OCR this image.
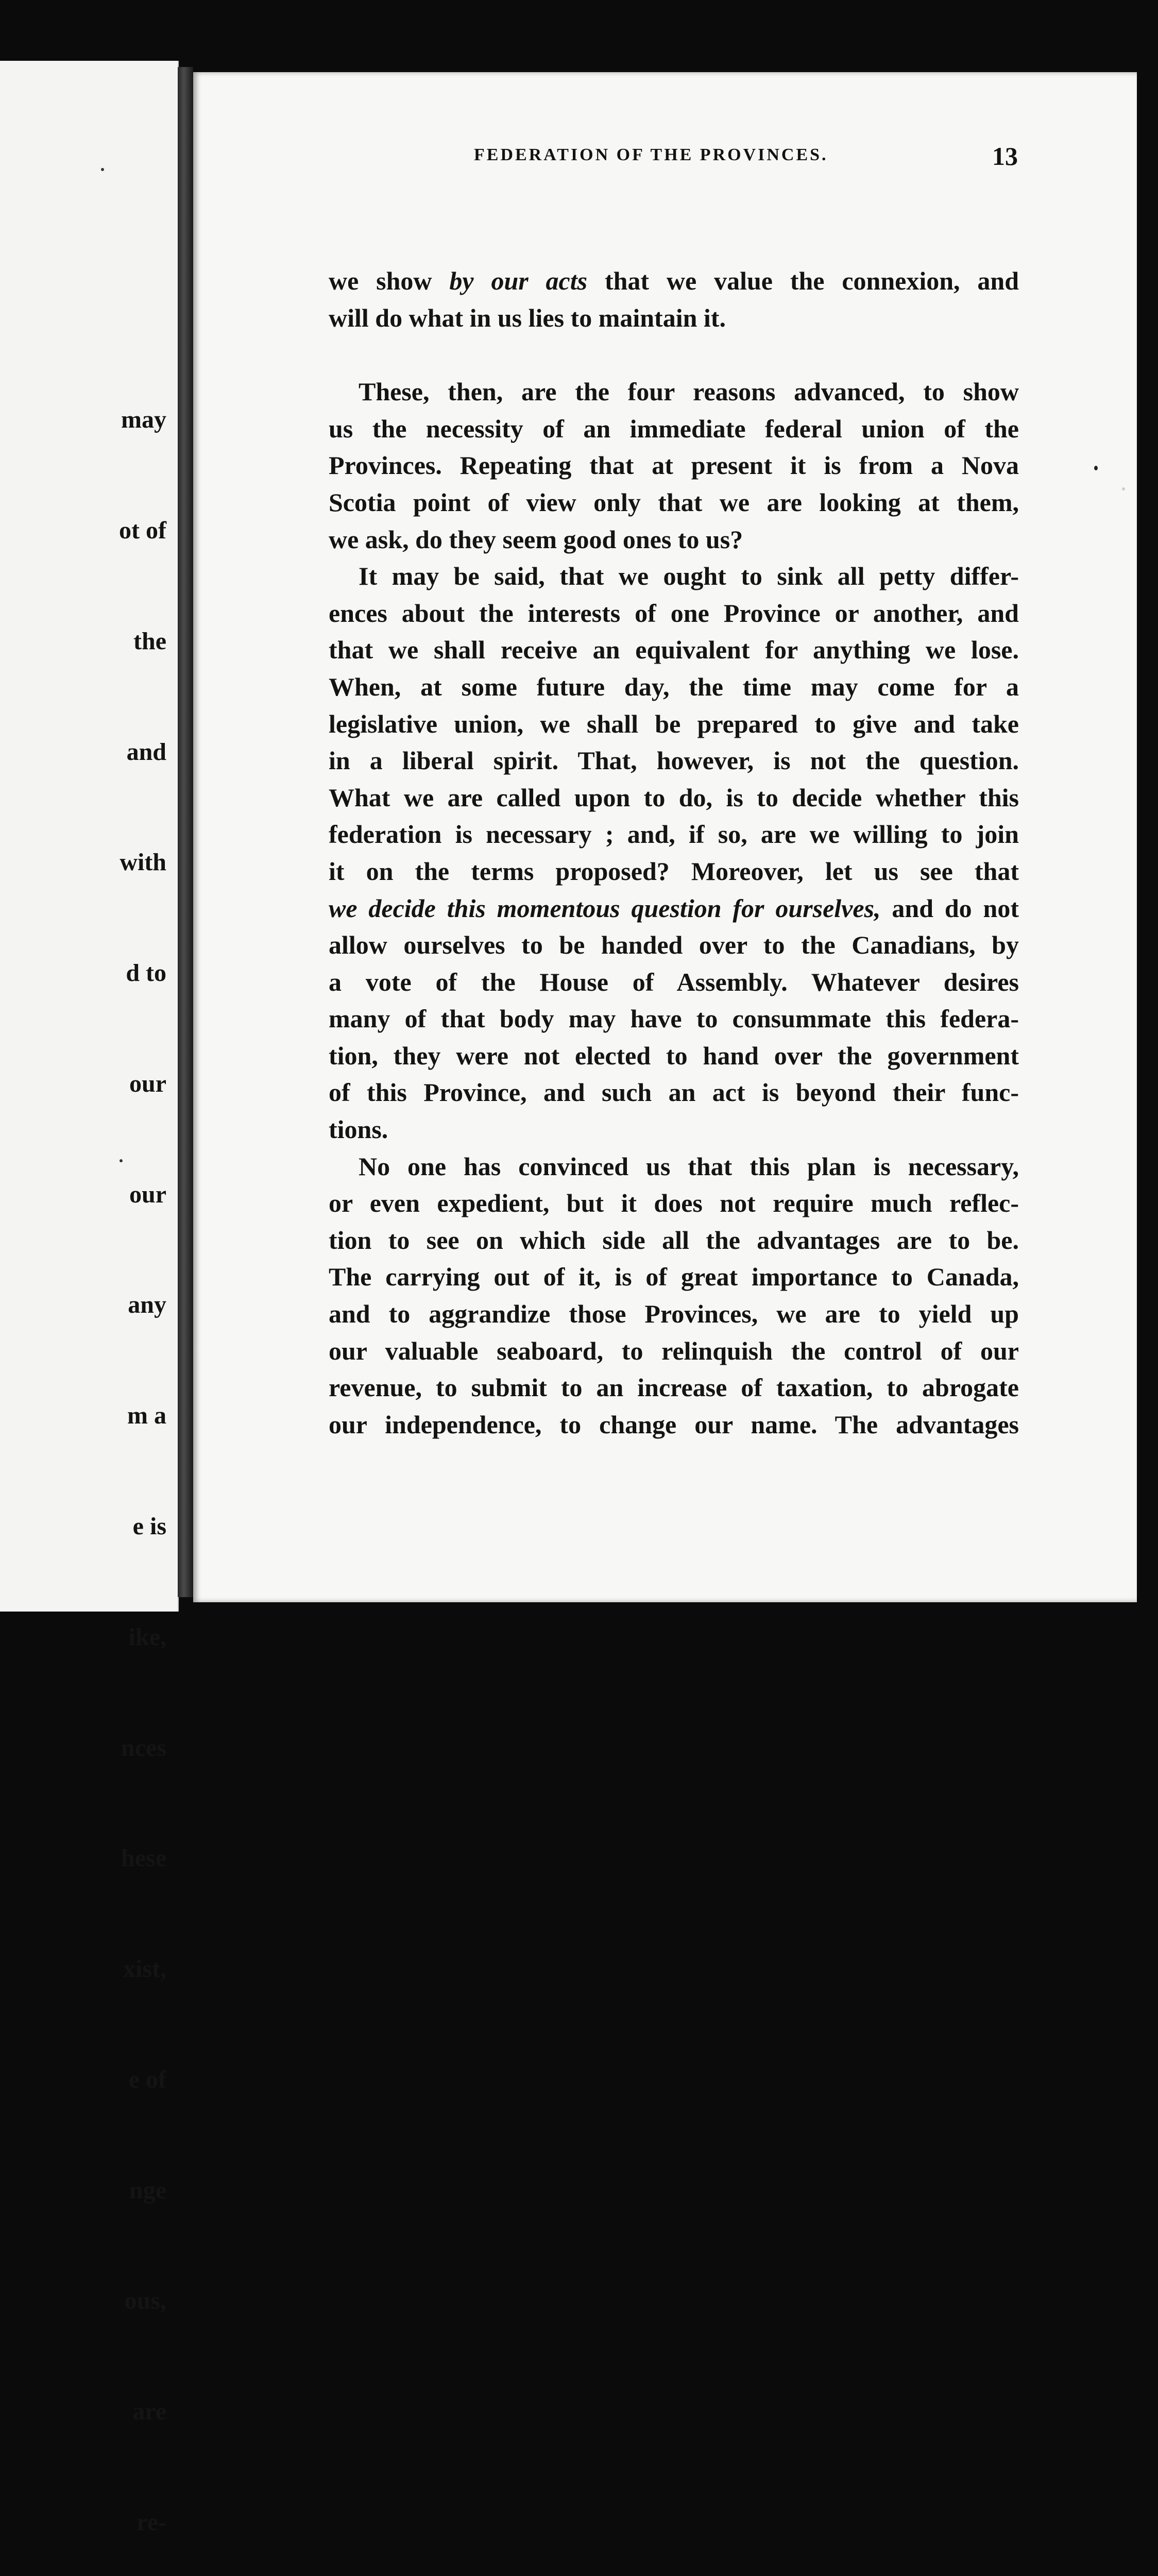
may

ot of

the

and

with

d to

our

our

any

m a

e is

ike,

nces

hese

xist,

e of

nge

ous,

are

re-

FEDERATION OF THE PROVINCES.	13
we show by our acts that we value the connexion, and
will do what in us lies to maintain it.
These, then, are the four reasons advanced, to show
us the necessity of an immediate federal union of the
Provinces. Repeating that at present it is from a Nova
Scotia point of view only that we are looking at them,
we ask, do they seem good ones to us?
It may be said, that we ought to sink all petty differ-
ences about the interests of one Province or another, and
that we shall receive an equivalent for anything we lose.
When, at some future day, the time may come for a
legislative union, we shall be prepared to give and take
in a liberal spirit. That, however, is not the question.
What we are called upon to do, is to decide whether this
federation is necessary ; and, if so, are we willing to join
it on the terms proposed? Moreover, let us see that
we decide this momentous question for ourselves, and do not
allow ourselves to be handed over to the Canadians, by
a vote of the House of Assembly. Whatever desires
many of that body may have to consummate this federa-
tion, they were not elected to hand over the government
of this Province, and such an act is beyond their func-
tions.
No one has convinced us that this plan is necessary,
or even expedient, but it does not require much reflec-
tion to see on which side all the advantages are to be.
The carrying out of it, is of great importance to Canada,
and to aggrandize those Provinces, we are to yield up
our valuable seaboard, to relinquish the control of our
revenue, to submit to an increase of taxation, to abrogate
our independence, to change our name. The advantages
